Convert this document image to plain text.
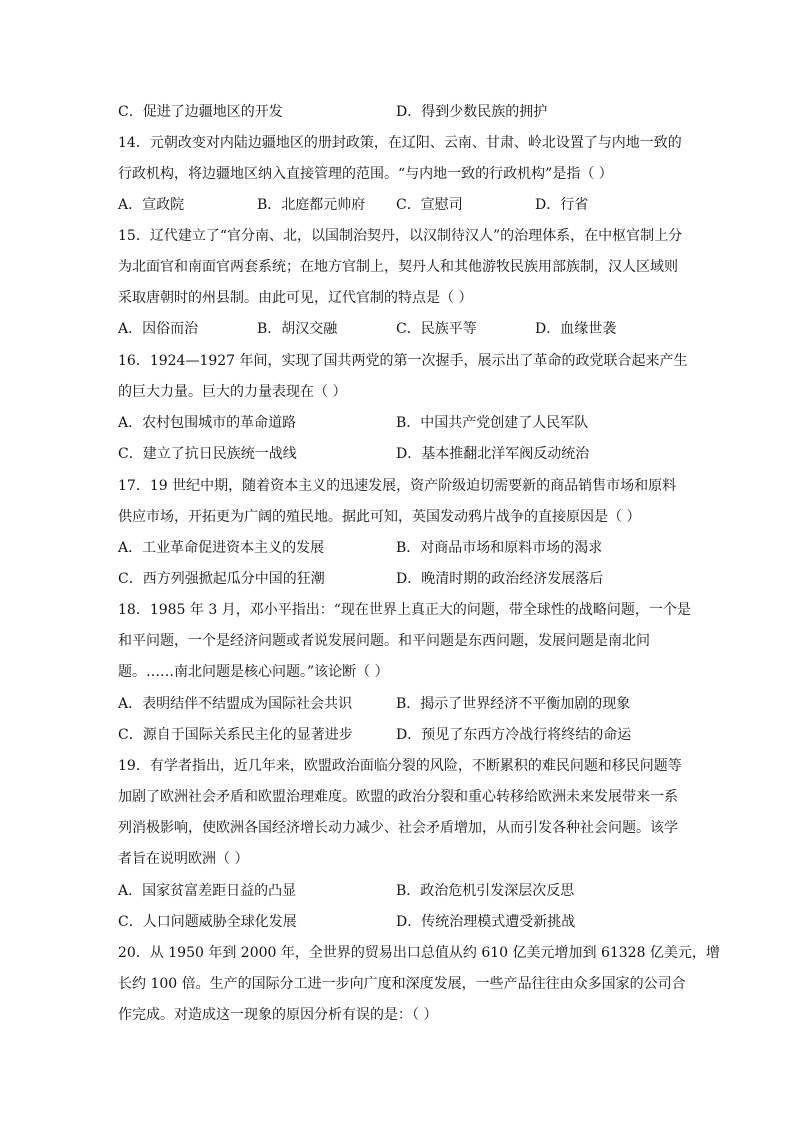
C．促进了边疆地区的开发	D．得到少数民族的拥护
14．元朝改变对内陆边疆地区的册封政策，在辽阳、云南、甘肃、岭北设置了与内地一致的
行政机构，将边疆地区纳入直接管理的范围。“与内地一致的行政机构”是指（ ）
A．宣政院	B．北庭都元帅府 C．宣慰司	D．行省
15．辽代建立了“官分南、北，以国制治契丹，以汉制待汉人”的治理体系，在中枢官制上分
为北面官和南面官两套系统；在地方官制上，契丹人和其他游牧民族用部族制，汉人区域则
采取唐朝时的州县制。由此可见，辽代官制的特点是（ ）
A．因俗而治	B．胡汉交融	C．民族平等	D．血缘世袭
16．1924—1927 年间，实现了国共两党的第一次握手，展示出了革命的政党联合起来产生
的巨大力量。巨大的力量表现在（ ）
A．农村包围城市的革命道路	B．中国共产党创建了人民军队
C．建立了抗日民族统一战线	D．基本推翻北洋军阀反动统治
17．19 世纪中期，随着资本主义的迅速发展，资产阶级迫切需要新的商品销售市场和原料
供应市场，开拓更为广阔的殖民地。据此可知，英国发动鸦片战争的直接原因是（ ）
A．工业革命促进资本主义的发展	B．对商品市场和原料市场的渴求
C．西方列强掀起瓜分中国的狂潮	D．晚清时期的政治经济发展落后
18．1985 年 3 月，邓小平指出：“现在世界上真正大的问题，带全球性的战略问题，一个是
和平问题，一个是经济问题或者说发展问题。和平问题是东西问题，发展问题是南北问
题。……南北问题是核心问题。”该论断（ ）
A．表明结伴不结盟成为国际社会共识	B．揭示了世界经济不平衡加剧的现象
C．源自于国际关系民主化的显著进步	D．预见了东西方冷战行将终结的命运
19．有学者指出，近几年来，欧盟政治面临分裂的风险，不断累积的难民问题和移民问题等
加剧了欧洲社会矛盾和欧盟治理难度。欧盟的政治分裂和重心转移给欧洲未来发展带来一系
列消极影响，使欧洲各国经济增长动力减少、社会矛盾增加，从而引发各种社会问题。该学
者旨在说明欧洲（ ）
A．国家贫富差距日益的凸显	B．政治危机引发深层次反思
C．人口问题威胁全球化发展	D．传统治理模式遭受新挑战
20．从 1950 年到 2000 年，全世界的贸易出口总值从约 610 亿美元增加到 61328 亿美元，增
长约 100 倍。生产的国际分工进一步向广度和深度发展，一些产品往往由众多国家的公司合
作完成。对造成这一现象的原因分析有误的是：（ ）
